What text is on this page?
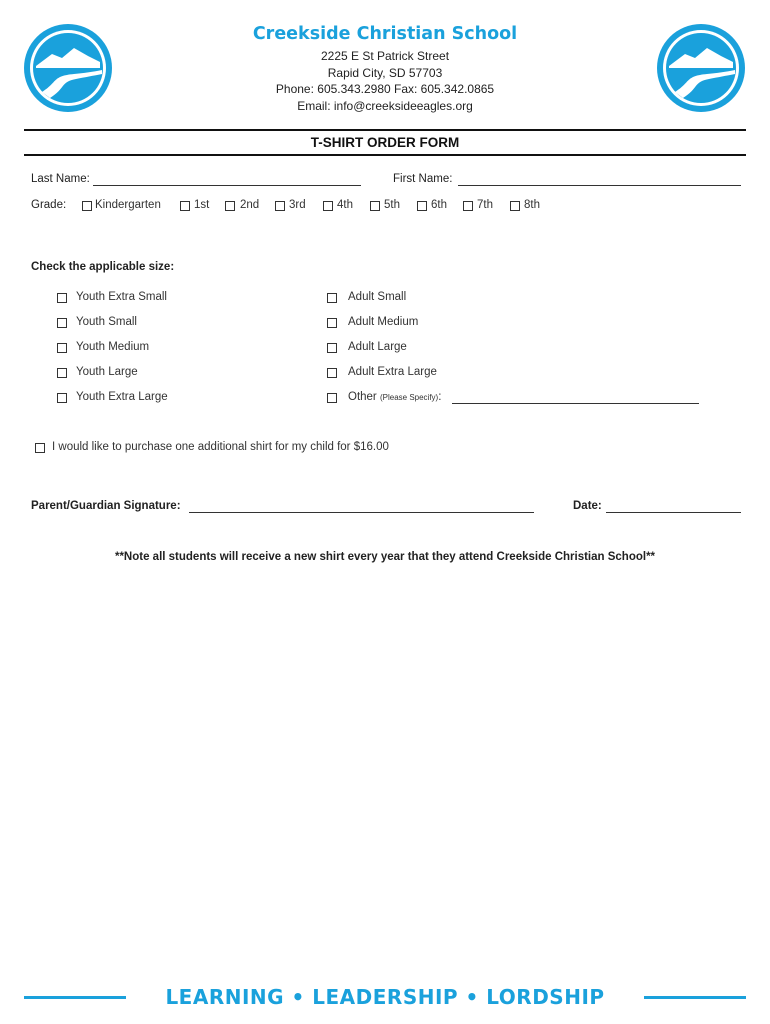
Creekside Christian School
2225 E St Patrick Street
Rapid City, SD 57703
Phone: 605.343.2980 Fax: 605.342.0865
Email: info@creeksideeagles.org
T-SHIRT ORDER FORM
Last Name:	First Name:
Grade:	Kindergarten	1st	2nd	3rd	4th	5th	6th	7th	8th
Check the applicable size:
Youth Extra Small
Youth Small
Youth Medium
Youth Large
Youth Extra Large
Adult Small
Adult Medium
Adult Large
Adult Extra Large
Other (Please Specify):
I would like to purchase one additional shirt for my child for $16.00
Parent/Guardian Signature:	Date:
**Note all students will receive a new shirt every year that they attend Creekside Christian School**
LEARNING • LEADERSHIP • LORDSHIP
